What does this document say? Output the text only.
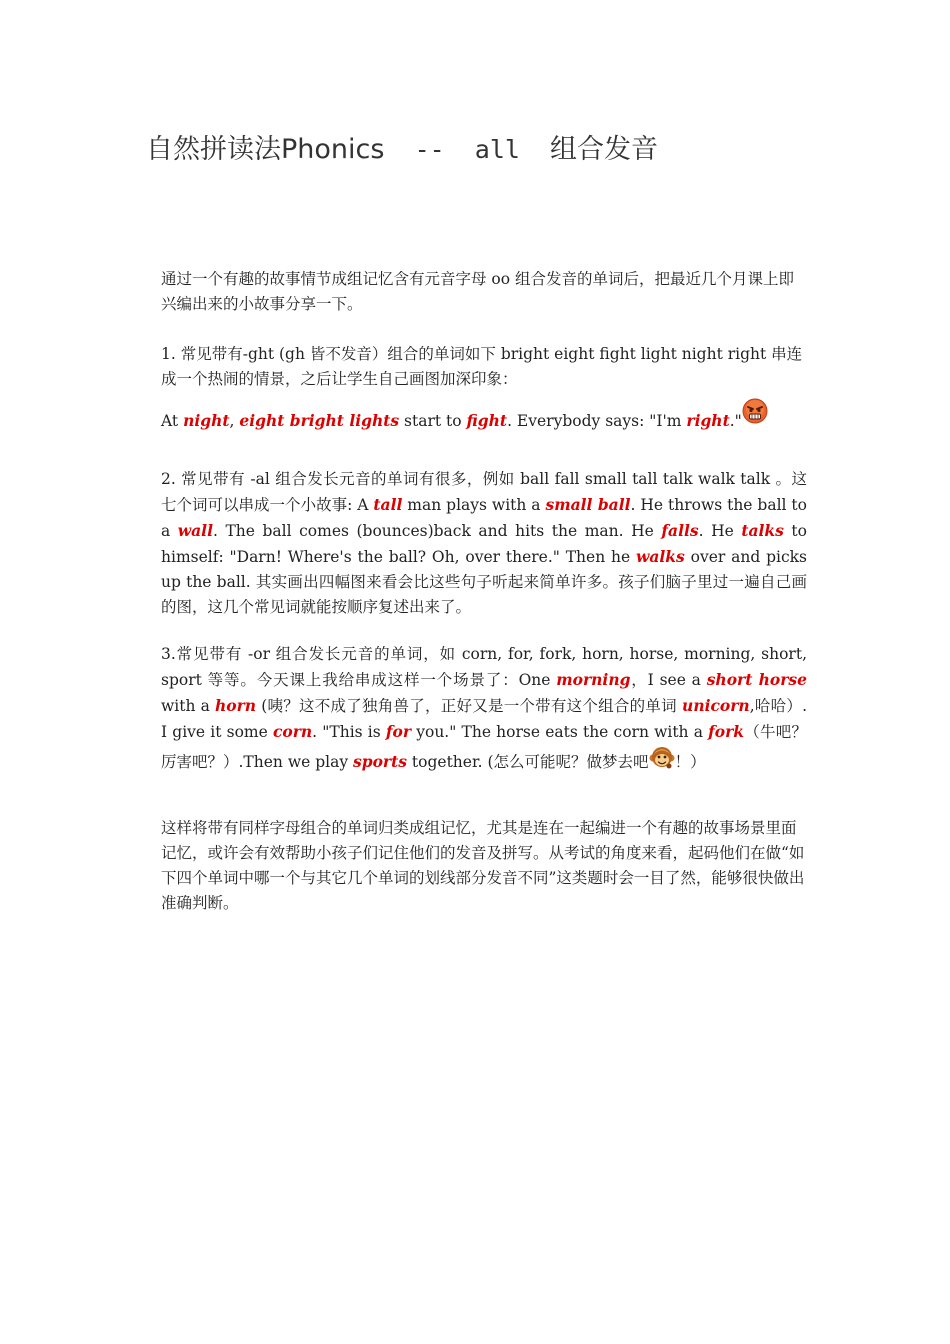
自然拼读法Phonics -- all 组合发音

通过一个有趣的故事情节成组记忆含有元音字母 oo 组合发音的单词后，把最近几个月课上即兴编出来的小故事分享一下。

1. 常见带有-ght (gh 皆不发音）组合的单词如下 bright eight fight light night right 串连成一个热闹的情景，之后让学生自己画图加深印象：

At night, eight bright lights start to fight. Everybody says: "I'm right."

2. 常见带有 -al 组合发长元音的单词有很多，例如 ball fall small tall talk walk talk 。这七个词可以串成一个小故事: A tall man plays with a small ball. He throws the ball to a wall. The ball comes (bounces)back and hits the man. He falls. He talks to himself: "Darn! Where's the ball? Oh, over there." Then he walks over and picks up the ball. 其实画出四幅图来看会比这些句子听起来简单许多。孩子们脑子里过一遍自己画的图，这几个常见词就能按顺序复述出来了。

3.常见带有 -or 组合发长元音的单词，如 corn, for, fork, horn, horse, morning, short, sport 等等。今天课上我给串成这样一个场景了：One morning，I see a short horse with a horn (咦？这不成了独角兽了，正好又是一个带有这个组合的单词 unicorn,哈哈）. I give it some corn. "This is for you." The horse eats the corn with a fork（牛吧？厉害吧？）.Then we play sports together. (怎么可能呢？做梦去吧 ！）

这样将带有同样字母组合的单词归类成组记忆，尤其是连在一起编进一个有趣的故事场景里面记忆，或许会有效帮助小孩子们记住他们的发音及拼写。从考试的角度来看，起码他们在做“如下四个单词中哪一个与其它几个单词的划线部分发音不同”这类题时会一目了然，能够很快做出准确判断。
